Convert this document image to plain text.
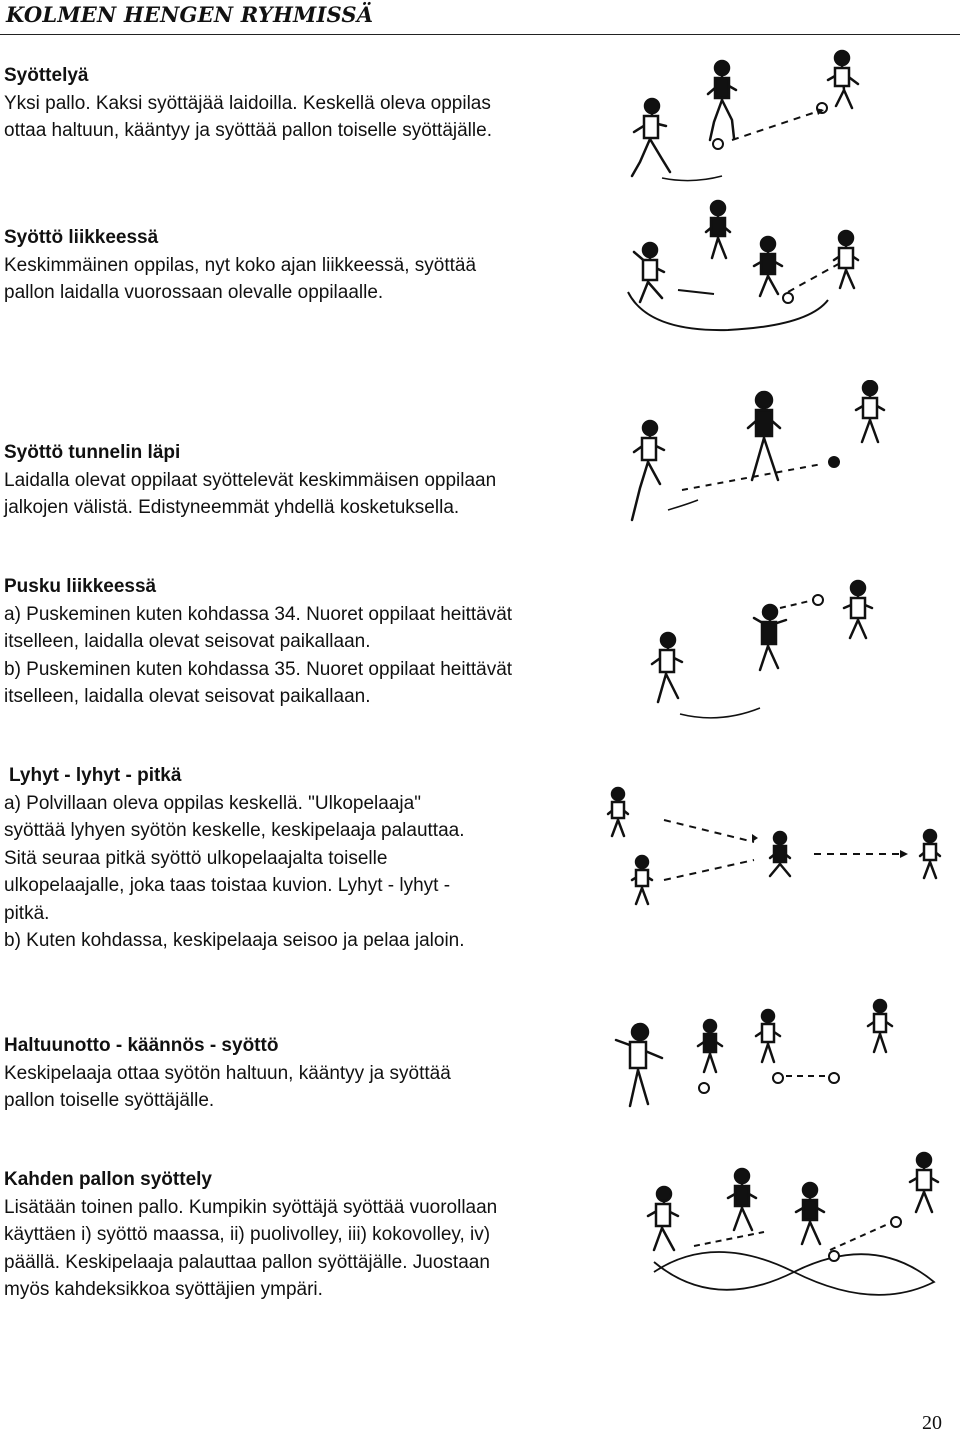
KOLMEN HENGEN RYHMISSÄ
Syöttelyä

Yksi pallo. Kaksi syöttäjää laidoilla. Keskellä oleva oppilas

ottaa haltuun, kääntyy ja syöttää pallon toiselle syöttäjälle.

Syöttö liikkeessä

Keskimmäinen oppilas, nyt koko ajan liikkeessä, syöttää

pallon laidalla vuorossaan olevalle oppilaalle.

Syöttö tunnelin läpi

Laidalla olevat oppilaat syöttelevät keskimmäisen oppilaan

jalkojen välistä. Edistyneemmät yhdellä kosketuksella.

Pusku liikkeessä

a) Puskeminen kuten kohdassa 34. Nuoret oppilaat heittävät

itselleen, laidalla olevat seisovat paikallaan.

b) Puskeminen kuten kohdassa 35. Nuoret oppilaat heittävät

itselleen, laidalla olevat seisovat paikallaan.

Lyhyt - lyhyt - pitkä

a) Polvillaan oleva oppilas keskellä. "Ulkopelaaja"

syöttää lyhyen syötön keskelle, keskipelaaja palauttaa.

Sitä seuraa pitkä syöttö ulkopelaajalta toiselle

ulkopelaajalle, joka taas toistaa kuvion. Lyhyt - lyhyt -

pitkä.

b) Kuten kohdassa, keskipelaaja seisoo ja pelaa jaloin.

Haltuunotto - käännös - syöttö

Keskipelaaja ottaa syötön haltuun, kääntyy ja syöttää

pallon toiselle syöttäjälle.

Kahden pallon syöttely

Lisätään toinen pallo. Kumpikin syöttäjä syöttää vuorollaan

käyttäen i) syöttö maassa, ii) puolivolley, iii) kokovolley, iv)

päällä. Keskipelaaja palauttaa pallon syöttäjälle. Juostaan

myös kahdeksikkoa syöttäjien ympäri.

20
